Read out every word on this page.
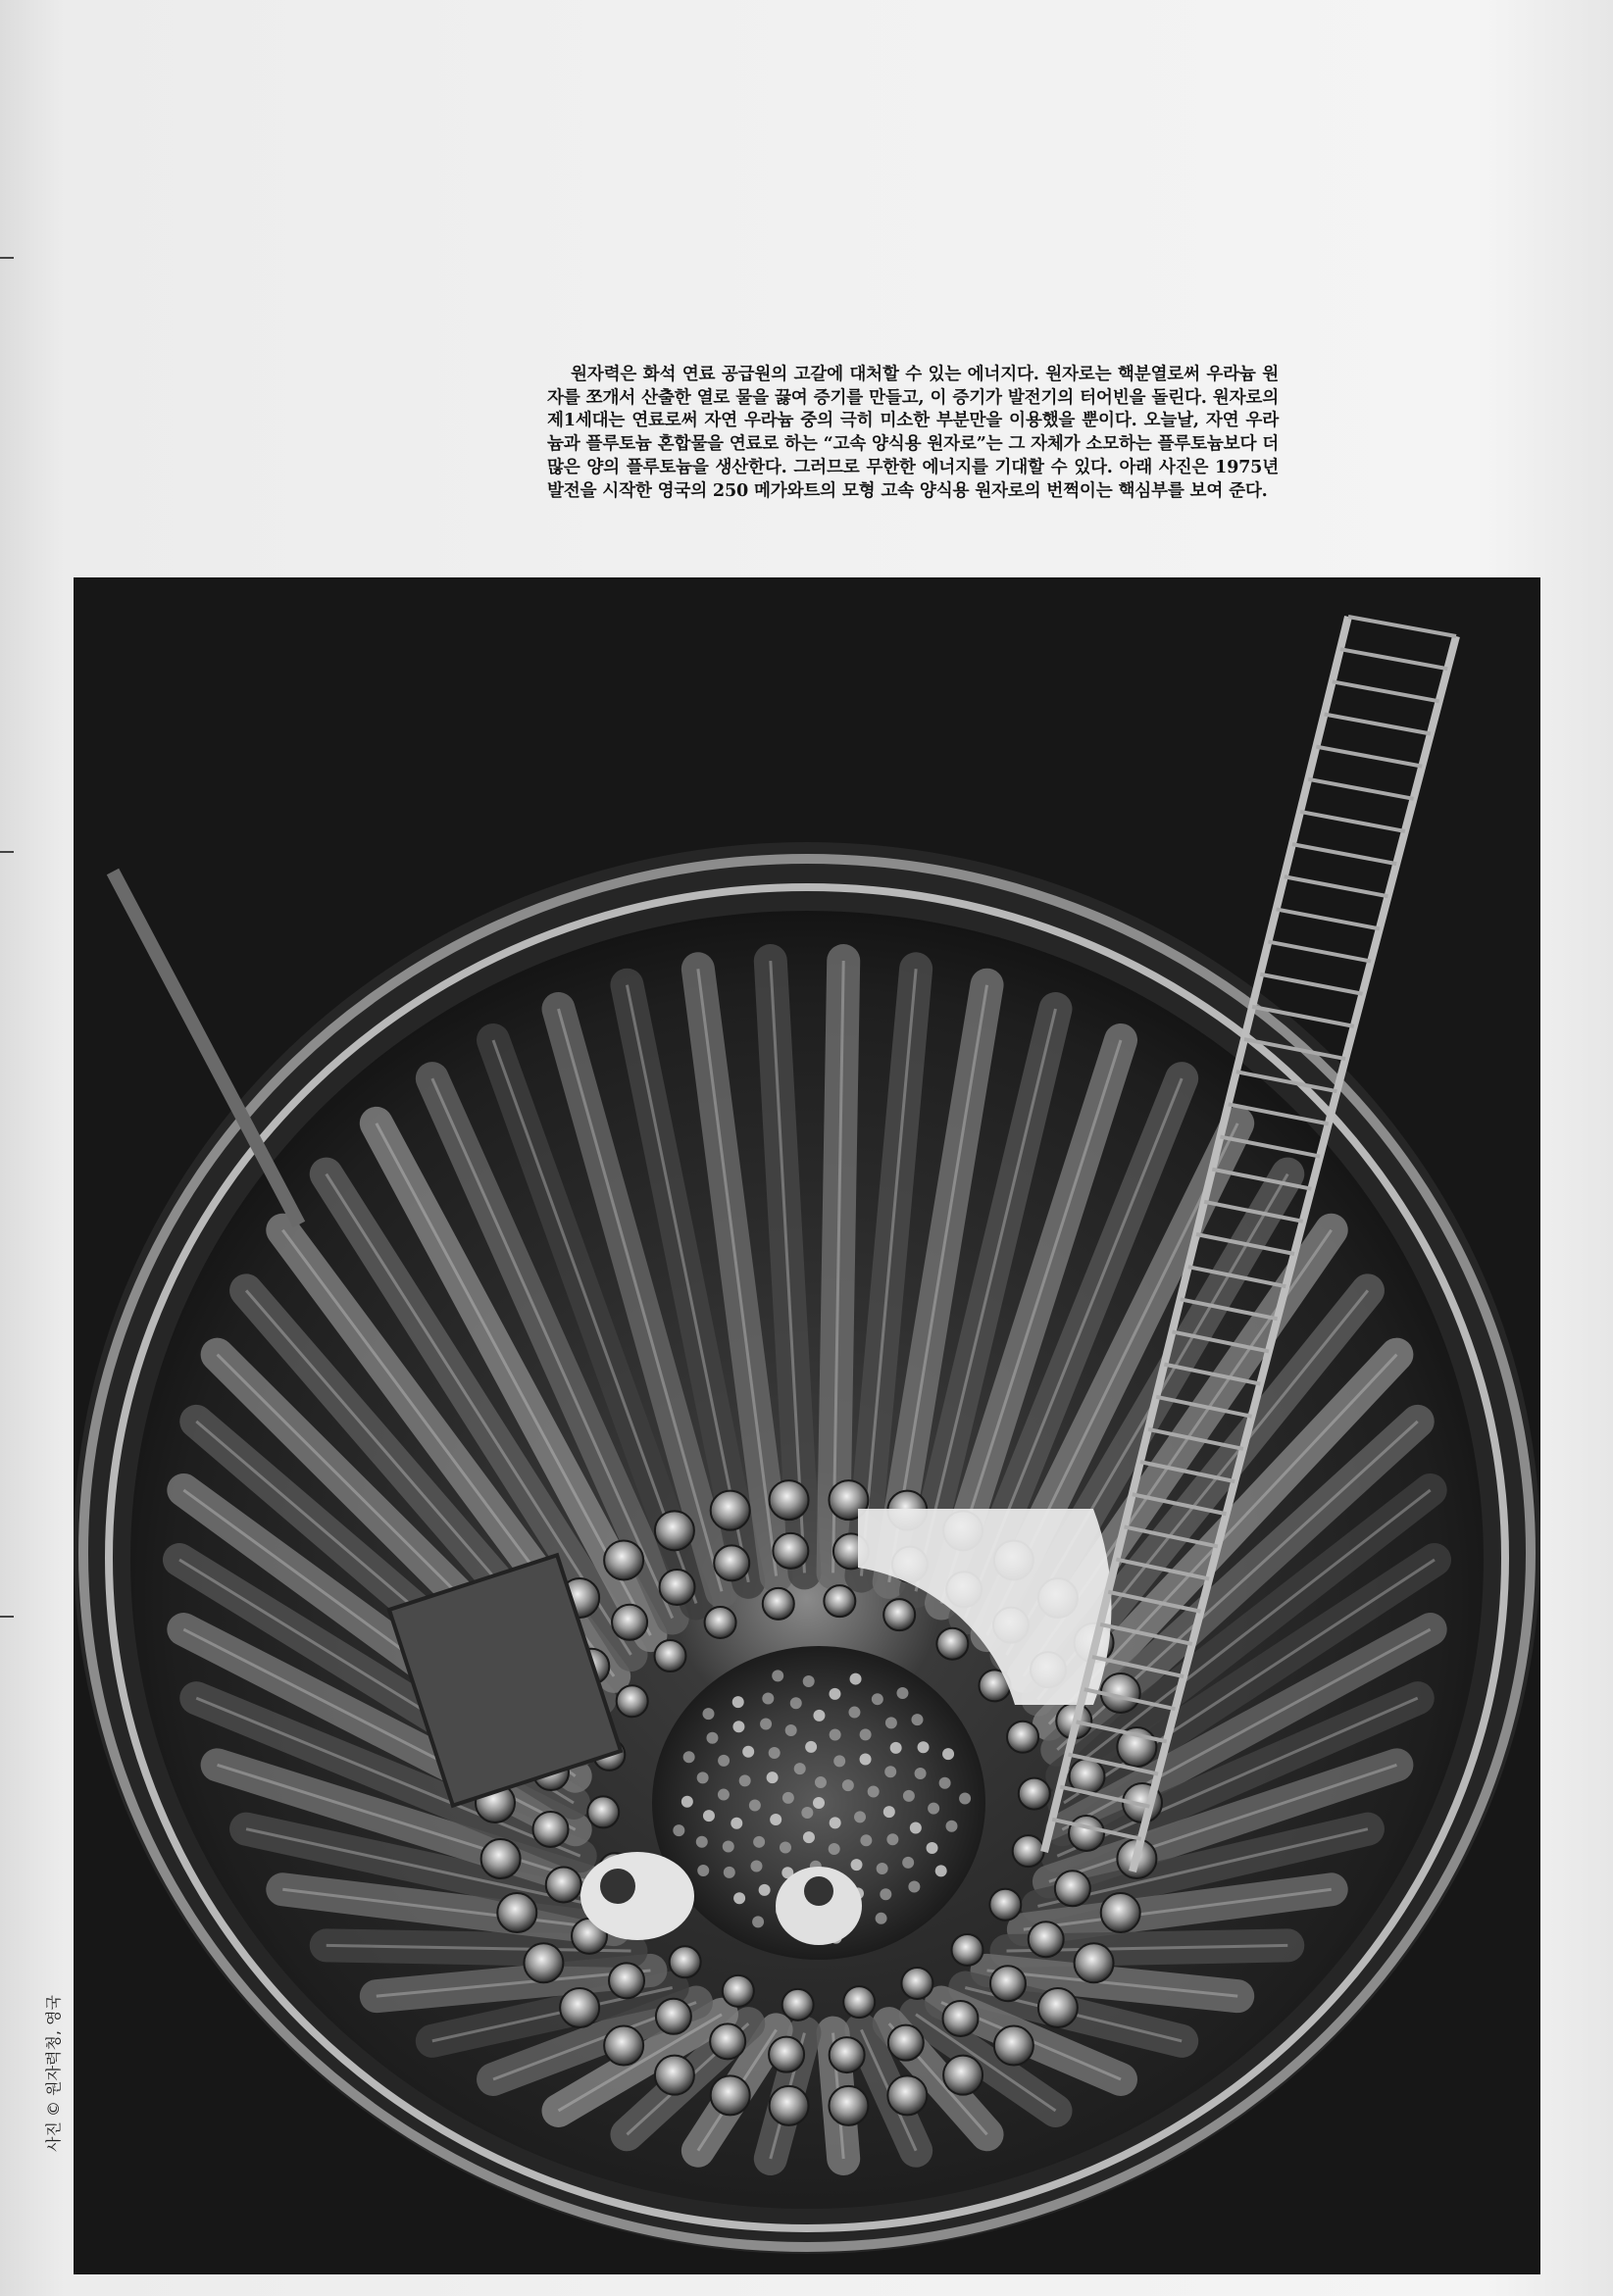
원자력은 화석 연료 공급원의 고갈에 대처할 수 있는 에너지다. 원자로는 핵분열로써 우라늄 원자를 쪼개서 산출한 열로 물을 끓여 증기를 만들고, 이 증기가 발전기의 터어빈을 돌린다. 원자로의 제1세대는 연료로써 자연 우라늄 중의 극히 미소한 부분만을 이용했을 뿐이다. 오늘날, 자연 우라늄과 플루토늄 혼합물을 연료로 하는 “고속 양식용 원자로”는 그 자체가 소모하는 플루토늄보다 더 많은 양의 플루토늄을 생산한다. 그러므로 무한한 에너지를 기대할 수 있다. 아래 사진은 1975년 발전을 시작한 영국의 250 메가와트의 모형 고속 양식용 원자로의 번쩍이는 핵심부를 보여 준다.

사진 © 원자력청, 영국
